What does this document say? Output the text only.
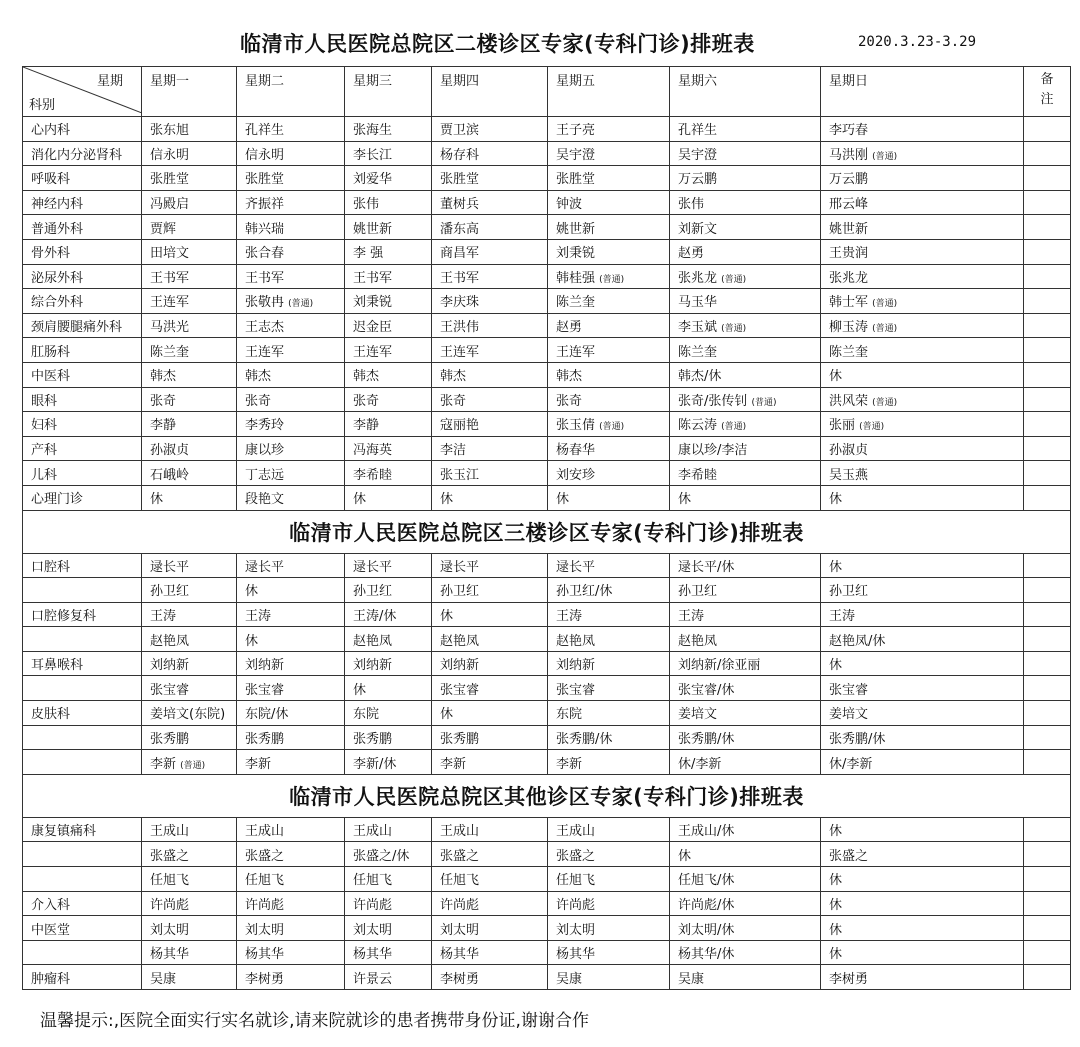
临清市人民医院总院区二楼诊区专家(专科门诊)排班表	2020.3.23-3.29
星期
科别	星期一	星期二	星期三	星期四	星期五	星期六	星期日	备注
心内科	张东旭	孔祥生	张海生	贾卫滨	王子亮	孔祥生	李巧春	
消化内分泌肾科	信永明	信永明	李长江	杨存科	吴宇澄	吴宇澄	马洪刚 (普通)	
呼吸科	张胜堂	张胜堂	刘爱华	张胜堂	张胜堂	万云鹏	万云鹏	
神经内科	冯殿启	齐振祥	张伟	董树兵	钟波	张伟	邢云峰	
普通外科	贾辉	韩兴瑞	姚世新	潘东高	姚世新	刘新文	姚世新	
骨外科	田培文	张合春	李 强	商昌军	刘秉锐	赵勇	王贵润	
泌尿外科	王书军	王书军	王书军	王书军	韩桂强 (普通)	张兆龙 (普通)	张兆龙	
综合外科	王连军	张敬冉 (普通)	刘秉锐	李庆珠	陈兰奎	马玉华	韩士军 (普通)	
颈肩腰腿痛外科	马洪光	王志杰	迟金臣	王洪伟	赵勇	李玉斌 (普通)	柳玉涛 (普通)	
肛肠科	陈兰奎	王连军	王连军	王连军	王连军	陈兰奎	陈兰奎	
中医科	韩杰	韩杰	韩杰	韩杰	韩杰	韩杰/休	休	
眼科	张奇	张奇	张奇	张奇	张奇	张奇/张传钊 (普通)	洪风荣 (普通)	
妇科	李静	李秀玲	李静	寇丽艳	张玉倩 (普通)	陈云涛 (普通)	张丽 (普通)	
产科	孙淑贞	康以珍	冯海英	李洁	杨春华	康以珍/李洁	孙淑贞	
儿科	石峨岭	丁志远	李希睦	张玉江	刘安珍	李希睦	吴玉燕	
心理门诊	休	段艳文	休	休	休	休	休	
临清市人民医院总院区三楼诊区专家(专科门诊)排班表								
口腔科	逯长平	逯长平	逯长平	逯长平	逯长平	逯长平/休	休	
	孙卫红	休	孙卫红	孙卫红	孙卫红/休	孙卫红	孙卫红	
口腔修复科	王涛	王涛	王涛/休	休	王涛	王涛	王涛	
	赵艳凤	休	赵艳凤	赵艳凤	赵艳凤	赵艳凤	赵艳凤/休	
耳鼻喉科	刘纳新	刘纳新	刘纳新	刘纳新	刘纳新	刘纳新/徐亚丽	休	
	张宝睿	张宝睿	休	张宝睿	张宝睿	张宝睿/休	张宝睿	
皮肤科	姜培文(东院)	东院/休	东院	休	东院	姜培文	姜培文	
	张秀鹏	张秀鹏	张秀鹏	张秀鹏	张秀鹏/休	张秀鹏/休	张秀鹏/休	
	李新 (普通)	李新	李新/休	李新	李新	休/李新	休/李新	
临清市人民医院总院区其他诊区专家(专科门诊)排班表								
康复镇痛科	王成山	王成山	王成山	王成山	王成山	王成山/休	休	
	张盛之	张盛之	张盛之/休	张盛之	张盛之	休	张盛之	
	任旭飞	任旭飞	任旭飞	任旭飞	任旭飞	任旭飞/休	休	
介入科	许尚彪	许尚彪	许尚彪	许尚彪	许尚彪	许尚彪/休	休	
中医堂	刘太明	刘太明	刘太明	刘太明	刘太明	刘太明/休	休	
	杨其华	杨其华	杨其华	杨其华	杨其华	杨其华/休	休	
肿瘤科	吴康	李树勇	许景云	李树勇	吴康	吴康	李树勇	
温馨提示:,医院全面实行实名就诊,请来院就诊的患者携带身份证,谢谢合作
